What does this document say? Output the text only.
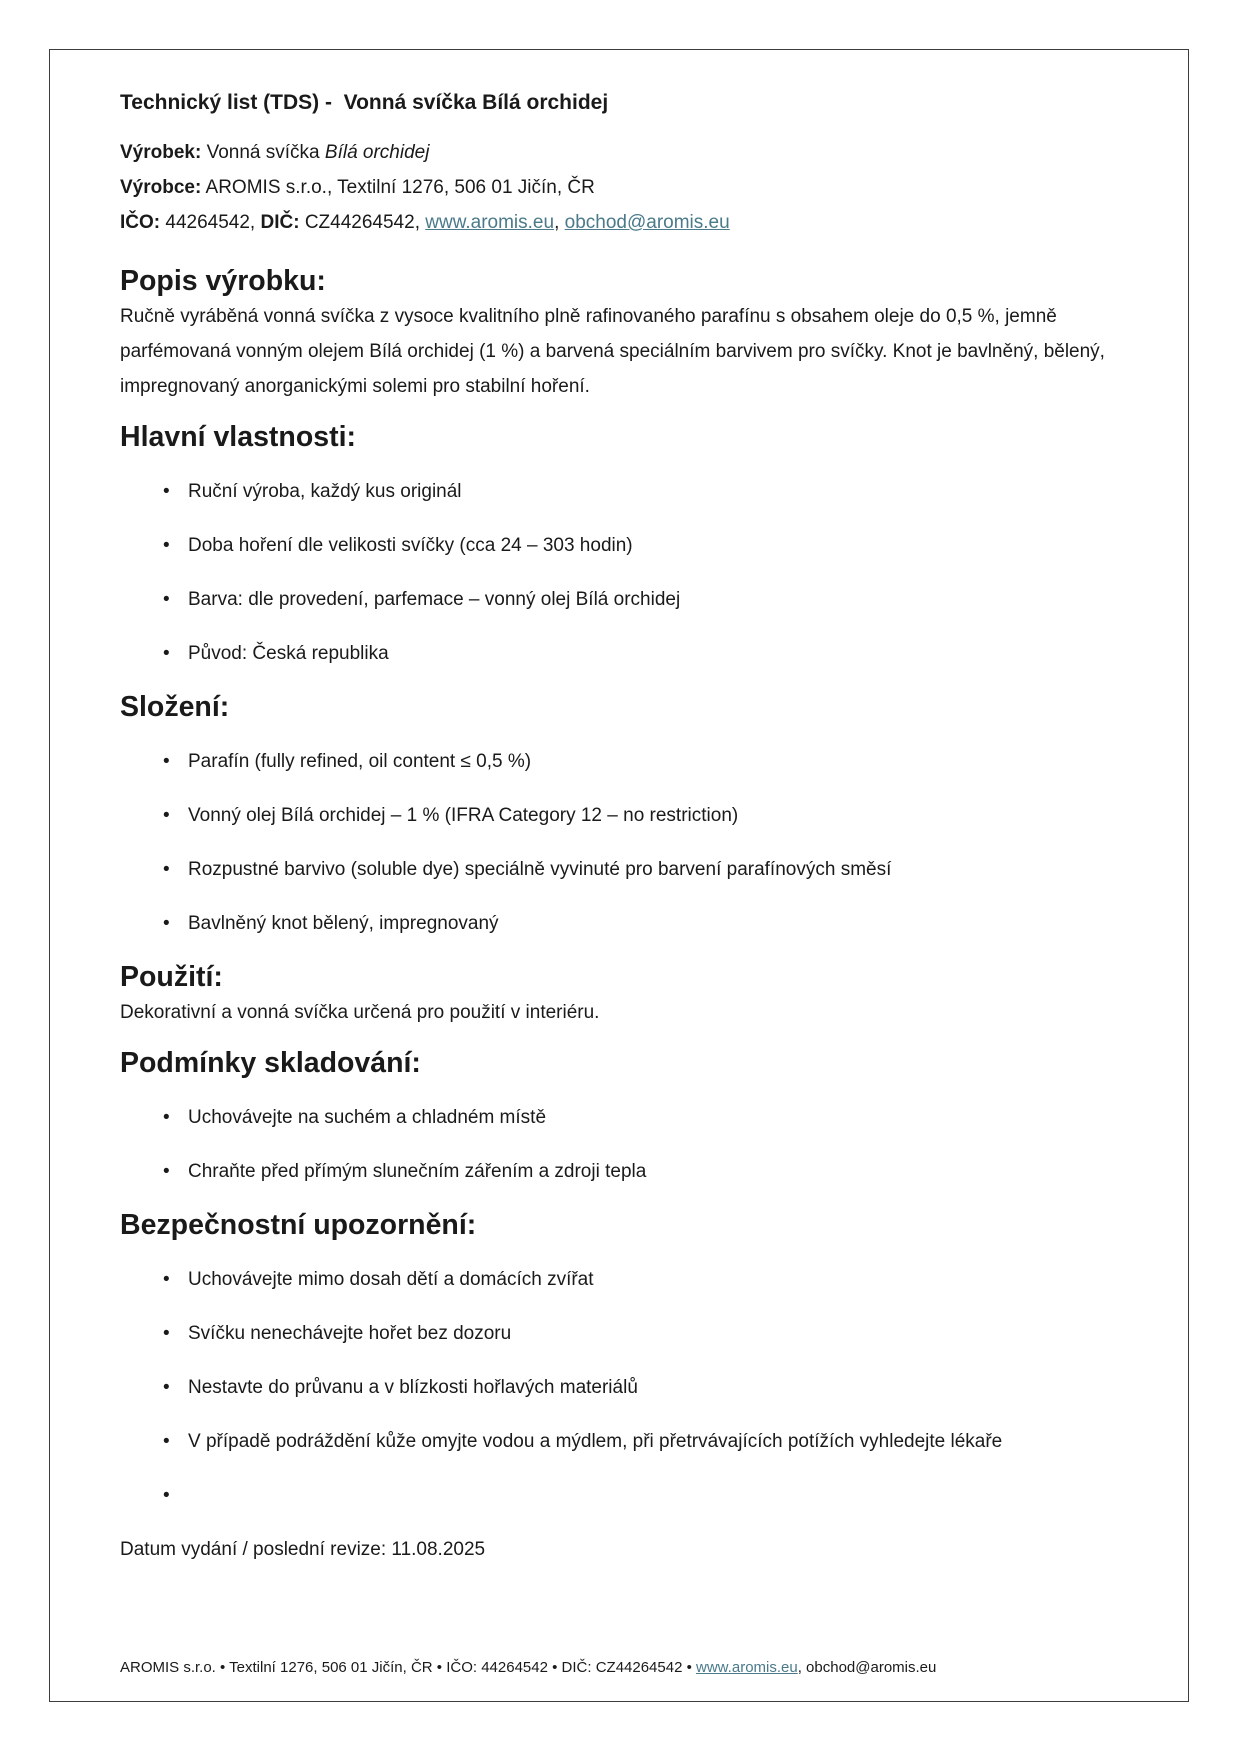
Technický list (TDS) -  Vonná svíčka Bílá orchidej
Výrobek: Vonná svíčka Bílá orchidej
Výrobce: AROMIS s.r.o., Textilní 1276, 506 01 Jičín, ČR
IČO: 44264542, DIČ: CZ44264542, www.aromis.eu, obchod@aromis.eu
Popis výrobku:

Ručně vyráběná vonná svíčka z vysoce kvalitního plně rafinovaného parafínu s obsahem oleje do 0,5 %, jemně parfémovaná vonným olejem Bílá orchidej (1 %) a barvená speciálním barvivem pro svíčky. Knot je bavlněný, bělený, impregnovaný anorganickými solemi pro stabilní hoření.

Hlavní vlastnosti:
• Ruční výroba, každý kus originál
• Doba hoření dle velikosti svíčky (cca 24 – 303 hodin)
• Barva: dle provedení, parfemace – vonný olej Bílá orchidej
• Původ: Česká republika
Složení:
• Parafín (fully refined, oil content ≤ 0,5 %)
• Vonný olej Bílá orchidej – 1 % (IFRA Category 12 – no restriction)
• Rozpustné barvivo (soluble dye) speciálně vyvinuté pro barvení parafínových směsí
• Bavlněný knot bělený, impregnovaný
Použití:

Dekorativní a vonná svíčka určená pro použití v interiéru.

Podmínky skladování:
• Uchovávejte na suchém a chladném místě
• Chraňte před přímým slunečním zářením a zdroji tepla
Bezpečnostní upozornění:
• Uchovávejte mimo dosah dětí a domácích zvířat
• Svíčku nenechávejte hořet bez dozoru
• Nestavte do průvanu a v blízkosti hořlavých materiálů
• V případě podráždění kůže omyjte vodou a mýdlem, při přetrvávajících potížích vyhledejte lékaře
•

Datum vydání / poslední revize: 11.08.2025

AROMIS s.r.o. • Textilní 1276, 506 01 Jičín, ČR • IČO: 44264542 • DIČ: CZ44264542 • www.aromis.eu, obchod@aromis.eu
